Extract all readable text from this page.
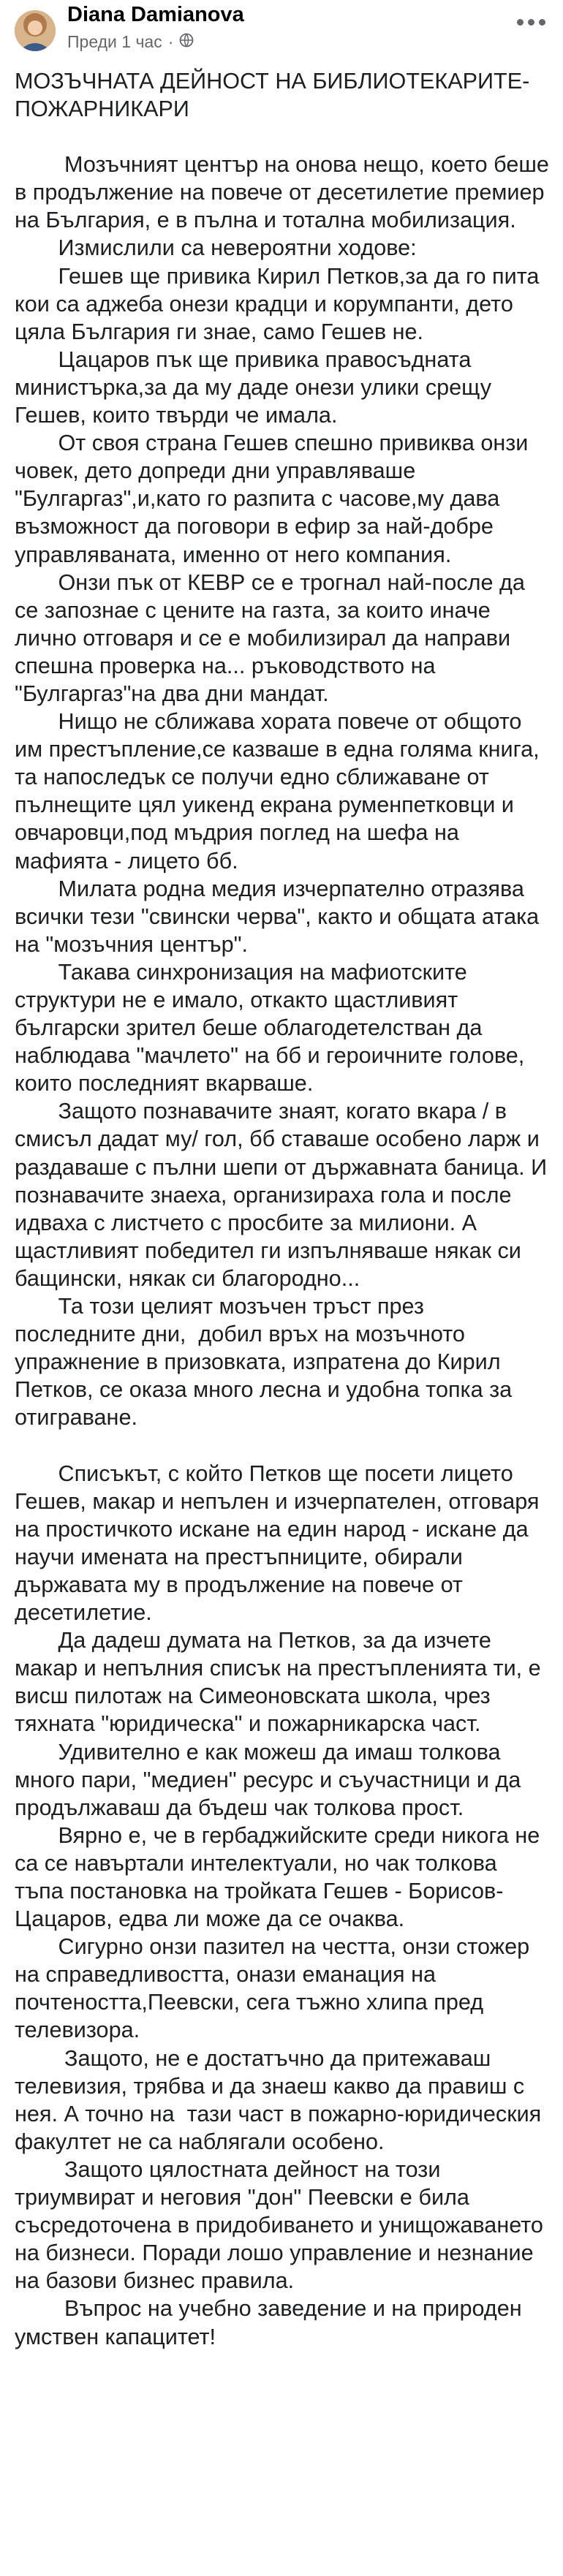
Diana Damianova
Преди 1 час ·

МОЗЪЧНАТА ДЕЙНОСТ НА БИБЛИОТЕКАРИТЕ-ПОЖАРНИКАРИ

Мозъчният център на онова нещо, което беше в продължение на повече от десетилетие премиер на България, е в пълна и тотална мобилизация.

Измислили са невероятни ходове:

Гешев ще привика Кирил Петков,за да го пита кои са аджеба онези крадци и корумпанти, дето цяла България ги знае, само Гешев не.

Цацаров пък ще привика правосъдната министърка,за да му даде онези улики срещу Гешев, които твърди че имала.

От своя страна Гешев спешно привиква онзи човек, дето допреди дни управляваше "Булгаргаз",и,като го разпита с часове,му дава възможност да поговори в ефир за най-добре управляваната, именно от него компания.

Онзи пък от КЕВР се е трогнал най-после да се запознае с цените на газта, за които иначе лично отговаря и се е мобилизирал да направи спешна проверка на... ръководството на "Булгаргаз"на два дни мандат.

Нищо не сближава хората повече от общото им престъпление,се казваше в една голяма книга, та напоследък се получи едно сближаване от пълнещите цял уикенд екрана руменпетковци и овчаровци,под мъдрия поглед на шефа на мафията - лицето бб.

Милата родна медия изчерпателно отразява всички тези "свински черва", както и общата атака на "мозъчния център".

Такава синхронизация на мафиотските структури не е имало, откакто щастливият български зрител беше облагодетелстван да наблюдава "мачлето" на бб и героичните голове, които последният вкарваше.

Защото познавачите знаят, когато вкара / в смисъл дадат му/ гол, бб ставаше особено ларж и раздаваше с пълни шепи от държавната баница. И познавачите знаеха, организираха гола и после идваха с листчето с просбите за милиони. А щастливият победител ги изпълняваше някак си бащински, някак си благородно...

Та този целият мозъчен тръст през последните дни,  добил връх на мозъчното упражнение в призовката, изпратена до Кирил Петков, се оказа много лесна и удобна топка за отиграване.

Списъкът, с който Петков ще посети лицето Гешев, макар и непълен и изчерпателен, отговаря на простичкото искане на един народ - искане да научи имената на престъпниците, обирали държавата му в продължение на повече от десетилетие.

Да дадеш думата на Петков, за да изчете макар и непълния списък на престъпленията ти, е висш пилотаж на Симеоновската школа, чрез тяхната "юридическа" и пожарникарска част.

Удивително е как можеш да имаш толкова много пари, "медиен" ресурс и съучастници и да продължаваш да бъдеш чак толкова прост.

Вярно е, че в гербаджийските среди никога не са се навъртали интелектуали, но чак толкова тъпа постановка на тройката Гешев - Борисов- Цацаров, едва ли може да се очаква.

Сигурно онзи пазител на честта, онзи стожер на справедливостта, онази еманация на почтеността,Пеевски, сега тъжно хлипа пред телевизора.

Защото, не е достатъчно да притежаваш телевизия, трябва и да знаеш какво да правиш с нея. А точно на  тази част в пожарно-юридическия факултет не са наблягали особено.

Защото цялостната дейност на този триумвират и неговия "дон" Пеевски е била съсредоточена в придобиването и унищожаването на бизнеси. Поради лошо управление и незнание на базови бизнес правила.

Въпрос на учебно заведение и на природен умствен капацитет!
